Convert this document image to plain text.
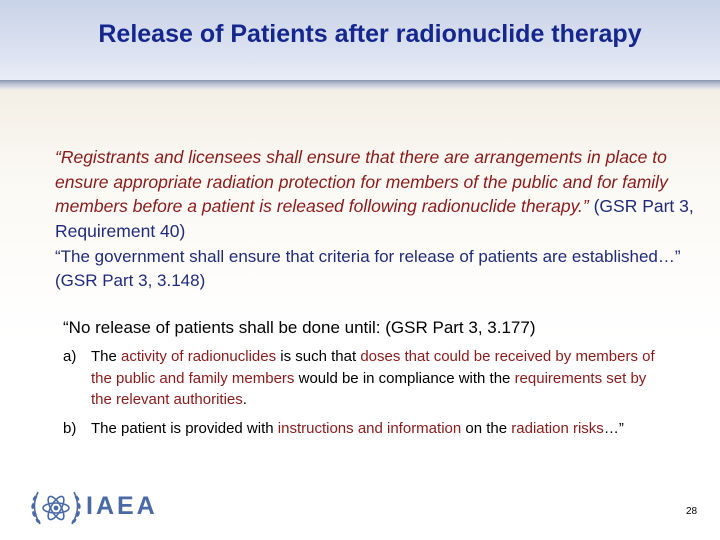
Release of Patients after radionuclide therapy
“Registrants and licensees shall ensure that there are arrangements in place to ensure appropriate radiation protection for members of the public and for family members before a patient is released following radionuclide therapy.” (GSR Part 3, Requirement 40)
“The government shall ensure that criteria for release of patients are established…” (GSR Part 3, 3.148)
“No release of patients shall be done until: (GSR Part 3, 3.177)
a) The activity of radionuclides is such that doses that could be received by members of the public and family members would be in compliance with the requirements set by the relevant authorities.
b) The patient is provided with instructions and information on the radiation risks…”
IAEA	28
